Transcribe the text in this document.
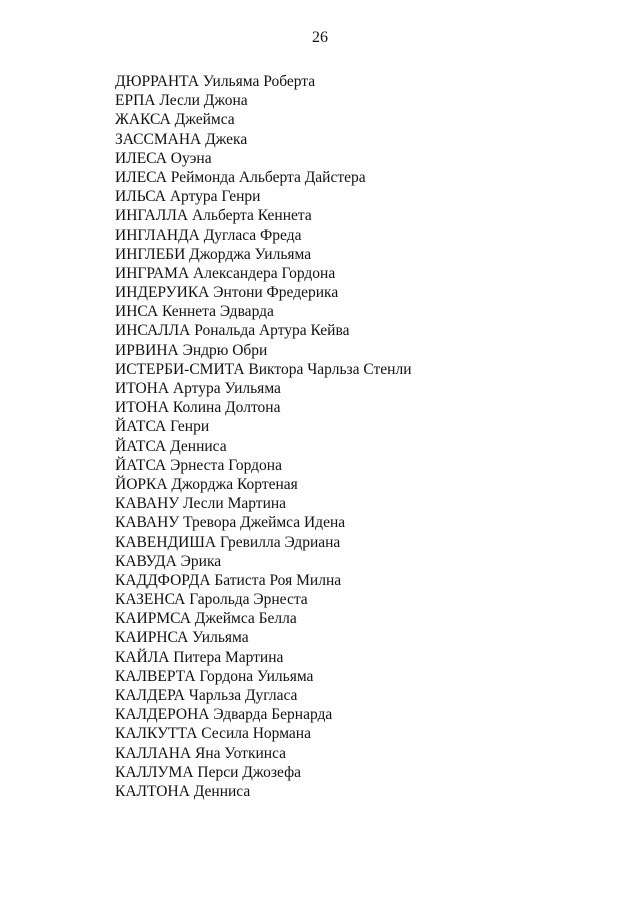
26
ДЮРРАНТА Уильяма Роберта
ЕРПА Лесли Джона
ЖАКСА Джеймса
ЗАССМАНА Джека
ИЛЕСА Оуэна
ИЛЕСА Реймонда Альберта Дайстера
ИЛЬСА Артура Генри
ИНГАЛЛА Альберта Кеннета
ИНГЛАНДА Дугласа Фреда
ИНГЛЕБИ Джорджа Уильяма
ИНГРАМА Александера Гордона
ИНДЕРУИКА Энтони Фредерика
ИНСА Кеннета Эдварда
ИНСАЛЛА Рональда Артура Кейва
ИРВИНА Эндрю Обри
ИСТЕРБИ-СМИТА Виктора Чарльза Стенли
ИТОНА Артура Уильяма
ИТОНА Колина Долтона
ЙАТСА Генри
ЙАТСА Денниса
ЙАТСА Эрнеста Гордона
ЙОРКА Джорджа Кортеная
КАВАНУ Лесли Мартина
КАВАНУ Тревора Джеймса Идена
КАВЕНДИША Гревилла Эдриана
КАВУДА Эрика
КАДДФОРДА Батиста Роя Милна
КАЗЕНСА Гарольда Эрнеста
КАИРМСА Джеймса Белла
КАИРНСА Уильяма
КАЙЛА Питера Мартина
КАЛВЕРТА Гордона Уильяма
КАЛДЕРА Чарльза Дугласа
КАЛДЕРОНА Эдварда Бернарда
КАЛКУТТА Сесила Нормана
КАЛЛАНА Яна Уоткинса
КАЛЛУМА Перси Джозефа
КАЛТОНА Денниса
